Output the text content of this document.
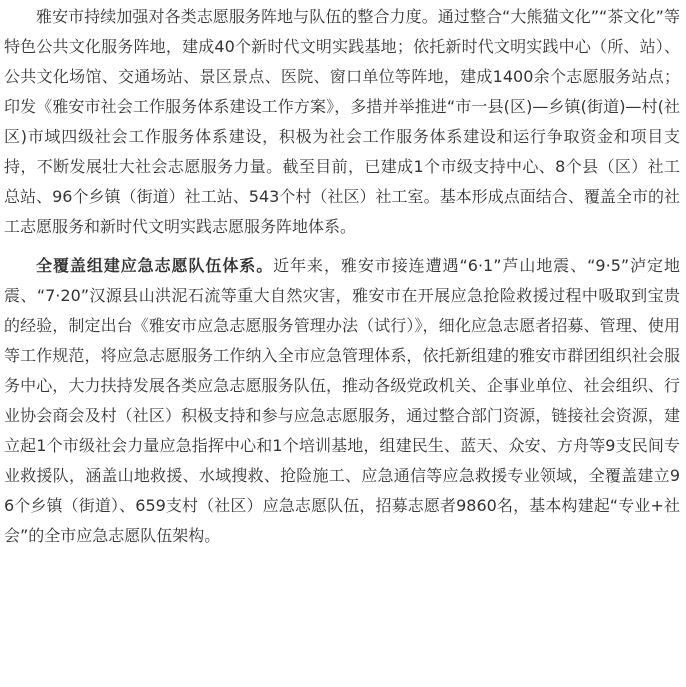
雅安市持续加强对各类志愿服务阵地与队伍的整合力度。通过整合“大熊猫文化”“茶文化”等特色公共文化服务阵地，建成40个新时代文明实践基地；依托新时代文明实践中心（所、站）、公共文化场馆、交通场站、景区景点、医院、窗口单位等阵地，建成1400余个志愿服务站点；印发《雅安市社会工作服务体系建设工作方案》，多措并举推进“市一县(区)—乡镇(街道)—村(社区)市域四级社会工作服务体系建设，积极为社会工作服务体系建设和运行争取资金和项目支持，不断发展壮大社会志愿服务力量。截至目前，已建成1个市级支持中心、8个县（区）社工总站、96个乡镇（街道）社工站、543个村（社区）社工室。基本形成点面结合、覆盖全市的社工志愿服务和新时代文明实践志愿服务阵地体系。

全覆盖组建应急志愿队伍体系。近年来，雅安市接连遭遇“6·1”芦山地震、“9·5”泸定地震、“7·20”汉源县山洪泥石流等重大自然灾害，雅安市在开展应急抢险救援过程中吸取到宝贵的经验，制定出台《雅安市应急志愿服务管理办法（试行）》，细化应急志愿者招募、管理、使用等工作规范，将应急志愿服务工作纳入全市应急管理体系，依托新组建的雅安市群团组织社会服务中心，大力扶持发展各类应急志愿服务队伍，推动各级党政机关、企事业单位、社会组织、行业协会商会及村（社区）积极支持和参与应急志愿服务，通过整合部门资源，链接社会资源，建立起1个市级社会力量应急指挥中心和1个培训基地，组建民生、蓝天、众安、方舟等9支民间专业救援队，涵盖山地救援、水域搜救、抢险施工、应急通信等应急救援专业领域，全覆盖建立96个乡镇（街道）、659支村（社区）应急志愿队伍，招募志愿者9860名，基本构建起“专业+社会”的全市应急志愿队伍架构。
